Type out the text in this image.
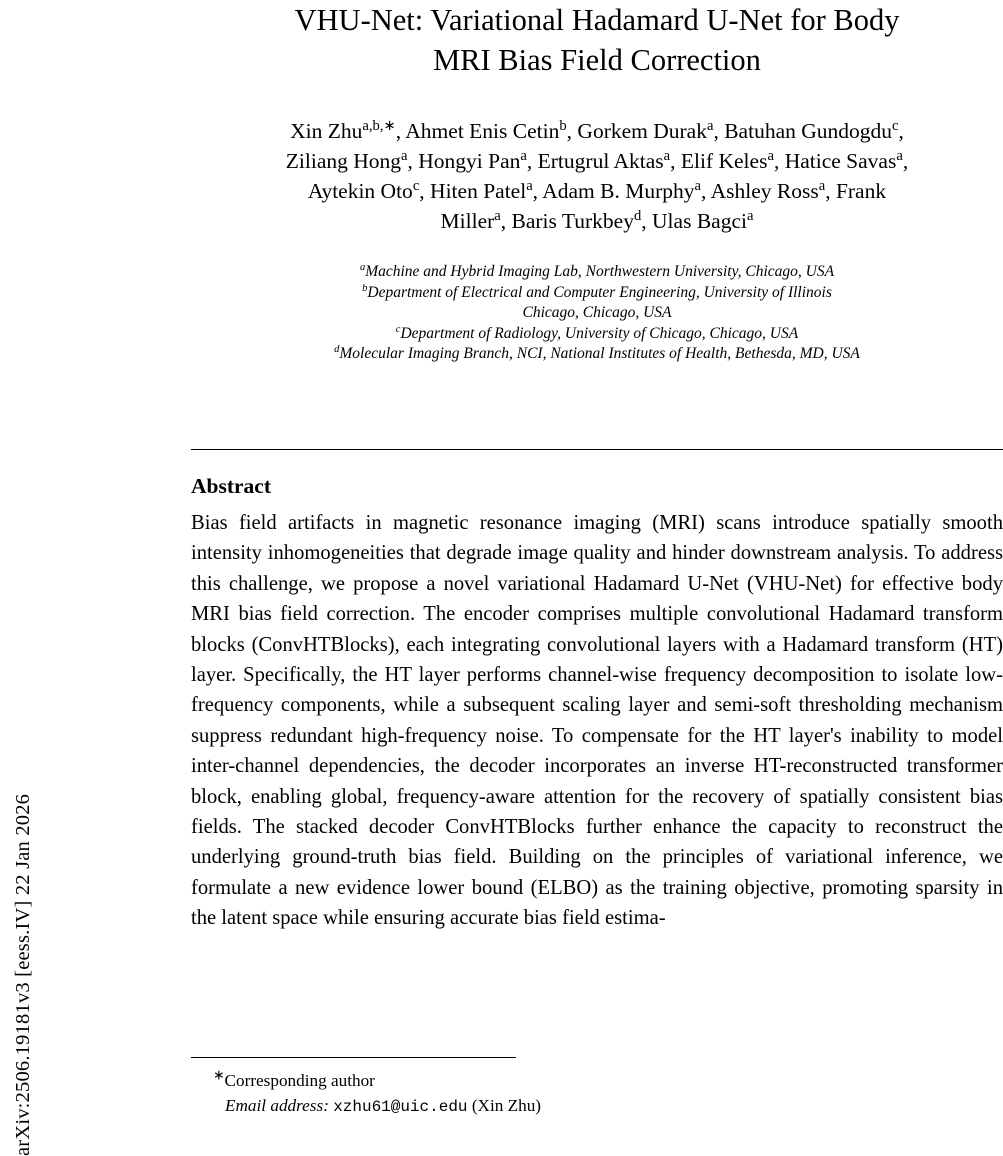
arXiv:2506.19181v3 [eess.IV] 22 Jan 2026
VHU-Net: Variational Hadamard U-Net for Body
MRI Bias Field Correction
Xin Zhu$^{a,b,∗}$, Ahmet Enis Cetin$^b$, Gorkem Durak$^a$, Batuhan Gundogdu$^c$,
Ziliang Hong$^a$, Hongyi Pan$^a$, Ertugrul Aktas$^a$, Elif Keles$^a$, Hatice Savas$^a$,
Aytekin Oto$^c$, Hiten Patel$^a$, Adam B. Murphy$^a$, Ashley Ross$^a$, Frank
Miller$^a$, Baris Turkbey$^d$, Ulas Bagci$^a$
$^a$Machine and Hybrid Imaging Lab, Northwestern University, Chicago, USA
$^b$Department of Electrical and Computer Engineering, University of Illinois
Chicago, Chicago, USA
$^c$Department of Radiology, University of Chicago, Chicago, USA
$^d$Molecular Imaging Branch, NCI, National Institutes of Health, Bethesda, MD, USA
Abstract
Bias field artifacts in magnetic resonance imaging (MRI) scans introduce spatially smooth intensity inhomogeneities that degrade image quality and hinder downstream analysis. To address this challenge, we propose a novel variational Hadamard U-Net (VHU-Net) for effective body MRI bias field correction. The encoder comprises multiple convolutional Hadamard transform blocks (ConvHTBlocks), each integrating convolutional layers with a Hadamard transform (HT) layer. Specifically, the HT layer performs channel-wise frequency decomposition to isolate low-frequency components, while a subsequent scaling layer and semi-soft thresholding mechanism suppress redundant high-frequency noise. To compensate for the HT layer's inability to model inter-channel dependencies, the decoder incorporates an inverse HT-reconstructed transformer block, enabling global, frequency-aware attention for the recovery of spatially consistent bias fields. The stacked decoder ConvHTBlocks further enhance the capacity to reconstruct the underlying ground-truth bias field. Building on the principles of variational inference, we formulate a new evidence lower bound (ELBO) as the training objective, promoting sparsity in the latent space while ensuring accurate bias field estima-
∗Corresponding author
Email address: xzhu61@uic.edu (Xin Zhu)
